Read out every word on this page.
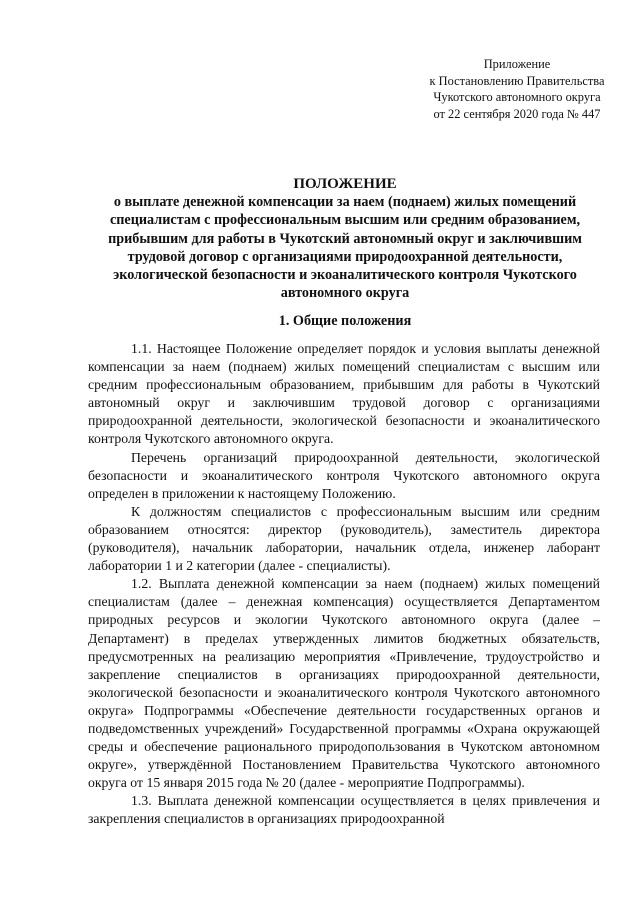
Приложение
к Постановлению Правительства
Чукотского автономного округа
от 22 сентября 2020 года № 447
ПОЛОЖЕНИЕ
о выплате денежной компенсации за наем (поднаем) жилых помещений специалистам с профессиональным высшим или средним образованием, прибывшим для работы в Чукотский автономный округ и заключившим трудовой договор с организациями природоохранной деятельности, экологической безопасности и экоаналитического контроля Чукотского автономного округа
1. Общие положения

1.1. Настоящее Положение определяет порядок и условия выплаты денежной компенсации за наем (поднаем) жилых помещений специалистам с высшим или средним профессиональным образованием, прибывшим для работы в Чукотский автономный округ и заключившим трудовой договор с организациями природоохранной деятельности, экологической безопасности и экоаналитического контроля Чукотского автономного округа.

Перечень организаций природоохранной деятельности, экологической безопасности и экоаналитического контроля Чукотского автономного округа определен в приложении к настоящему Положению.

К должностям специалистов с профессиональным высшим или средним образованием относятся: директор (руководитель), заместитель директора (руководителя), начальник лаборатории, начальник отдела, инженер лаборант лаборатории 1 и 2 категории (далее - специалисты).

1.2. Выплата денежной компенсации за наем (поднаем) жилых помещений специалистам (далее – денежная компенсация) осуществляется Департаментом природных ресурсов и экологии Чукотского автономного округа (далее – Департамент) в пределах утвержденных лимитов бюджетных обязательств, предусмотренных на реализацию мероприятия «Привлечение, трудоустройство и закрепление специалистов в организациях природоохранной деятельности, экологической безопасности и экоаналитического контроля Чукотского автономного округа» Подпрограммы «Обеспечение деятельности государственных органов и подведомственных учреждений» Государственной программы «Охрана окружающей среды и обеспечение рационального природопользования в Чукотском автономном округе», утверждённой Постановлением Правительства Чукотского автономного округа от 15 января 2015 года № 20 (далее - мероприятие Подпрограммы).

1.3. Выплата денежной компенсации осуществляется в целях привлечения и закрепления специалистов в организациях природоохранной
